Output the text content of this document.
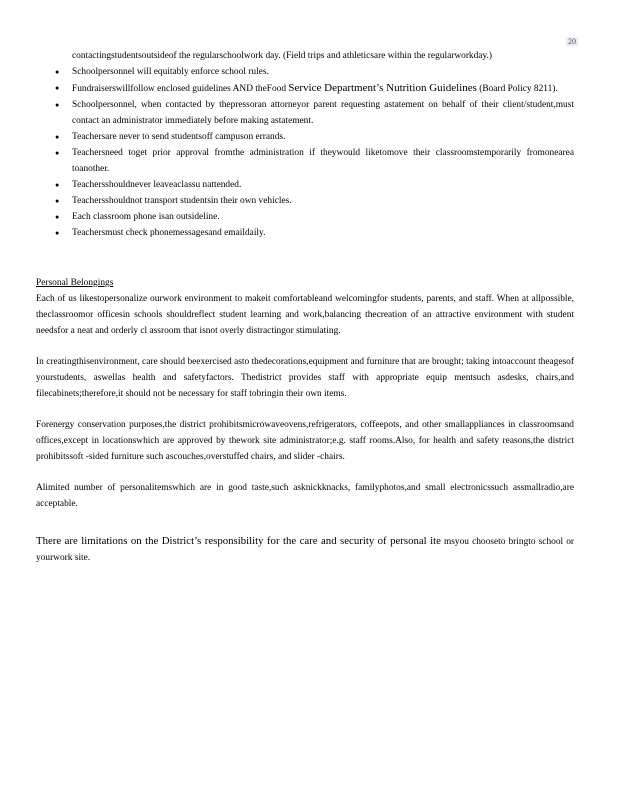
20

contactingstudentsoutsideof the regularschoolwork day. (Field trips and athleticsare within the regularworkday.)

● Schoolpersonnel will equitably enforce school rules.
● Fundraiserswillfollow enclosed guidelines AND theFood Service Department’s Nutrition Guidelines (Board Policy 8211).
● Schoolpersonnel, when contacted by thepressoran attorneyor parent requesting astatement on behalf of their client/student,must contact an administrator immediately before making astatement.
● Teachersare never to send studentsoff campuson errands.
● Teachersneed toget prior approval fromthe administration if theywould liketomove their classroomstemporarily fromonearea toanother.
● Teachersshouldnever leaveaclassu nattended.
● Teachersshouldnot transport studentsin their own vehicles.
● Each classroom phone isan outsideline.
● Teachersmust check phonemessagesand emaildaily.
Personal Belongings

Each of us likestopersonalize ourwork environment to makeit comfortableand welcomingfor students, parents, and staff. When at allpossible, theclassroomor officesin schools shouldreflect student learning and work,balancing thecreation of an attractive environment with student needsfor a neat and orderly cl assroom that isnot overly distractingor stimulating.

In creatingthisenvironment, care should beexercised asto thedecorations,equipment and furniture that are brought; taking intoaccount theagesof yourstudents, aswellas health and safetyfactors. Thedistrict provides staff with appropriate equip mentsuch asdesks, chairs,and filecabinets;therefore,it should not be necessary for staff tobringin their own items.

Forenergy conservation purposes,the district prohibitsmicrowaveovens,refrigerators, coffeepots, and other smallappliances in classroomsand offices,except in locationswhich are approved by thework site administrator;e.g. staff rooms.Also, for health and safety reasons,the district prohibitssoft -sided furniture such ascouches,overstuffed chairs, and slider -chairs.

Alimited number of personalitemswhich are in good taste,such asknickknacks, familyphotos,and small electronicssuch assmallradio,are acceptable.

There are limitations on the District’s responsibility for the care and security of personal ite msyou chooseto bringto school or yourwork site.
